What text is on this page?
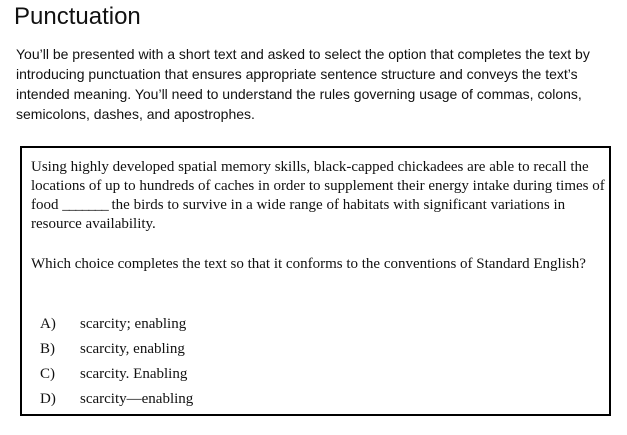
Punctuation

You’ll be presented with a short text and asked to select the option that completes the text by introducing punctuation that ensures appropriate sentence structure and conveys the text’s intended meaning. You’ll need to understand the rules governing usage of commas, colons, semicolons, dashes, and apostrophes.

Using highly developed spatial memory skills, black-capped chickadees are able to recall the locations of up to hundreds of caches in order to supplement their energy intake during times of food _______ the birds to survive in a wide range of habitats with significant variations in resource availability.

Which choice completes the text so that it conforms to the conventions of Standard English?

A)	scarcity; enabling
B)	scarcity, enabling
C)	scarcity. Enabling
D)	scarcity—enabling
